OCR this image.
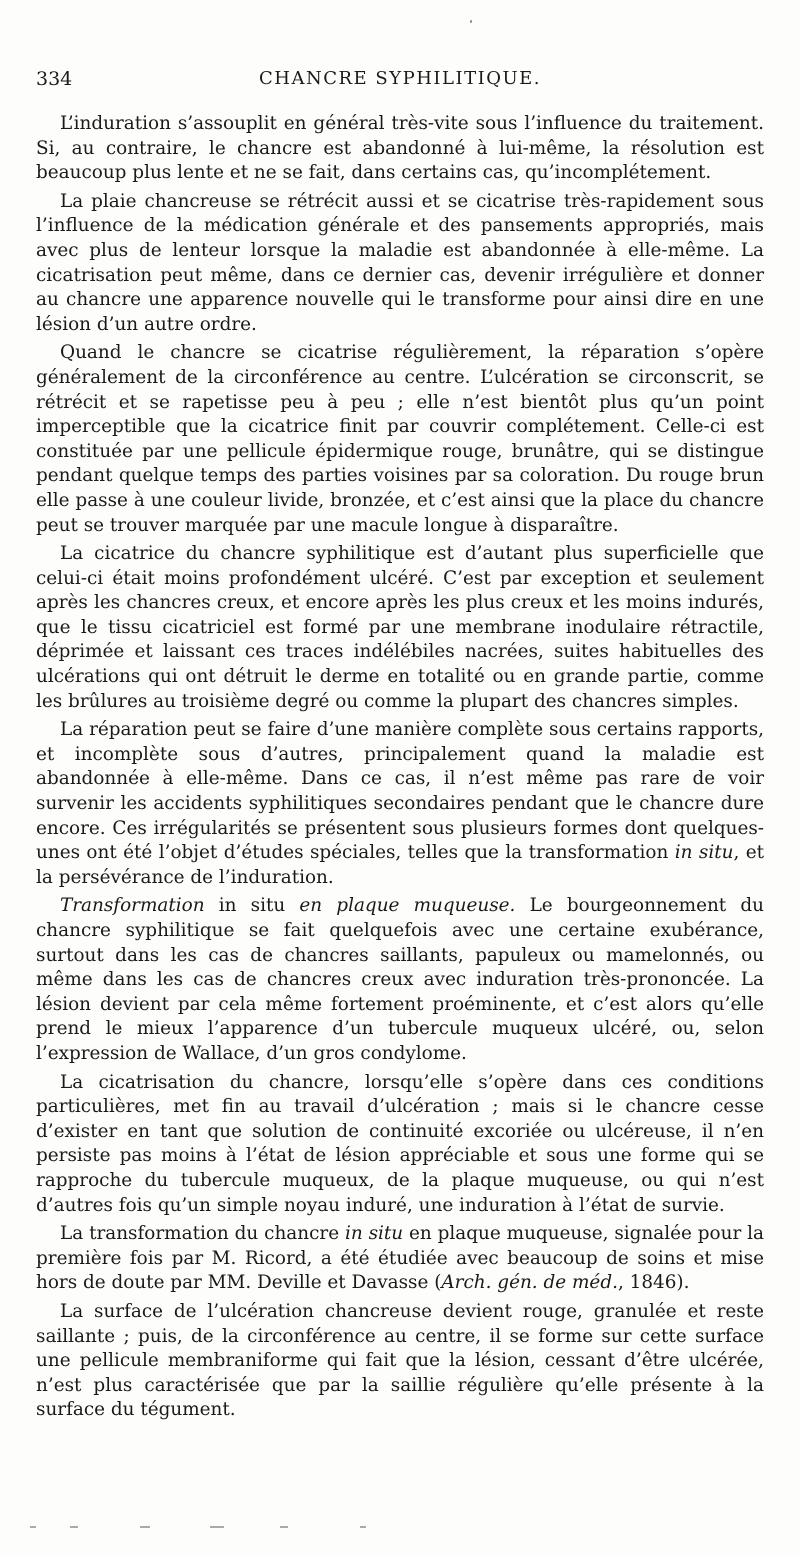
334	CHANCRE SYPHILITIQUE.

L’induration s’assouplit en général très-vite sous l’influence du traitement. Si, au contraire, le chancre est abandonné à lui-même, la résolution est beaucoup plus lente et ne se fait, dans certains cas, qu’incomplétement.

La plaie chancreuse se rétrécit aussi et se cicatrise très-rapidement sous l’influence de la médication générale et des pansements appropriés, mais avec plus de lenteur lorsque la maladie est abandonnée à elle-même. La cicatrisation peut même, dans ce dernier cas, devenir irrégulière et donner au chancre une apparence nouvelle qui le transforme pour ainsi dire en une lésion d’un autre ordre.

Quand le chancre se cicatrise régulièrement, la réparation s’opère généralement de la circonférence au centre. L’ulcération se circonscrit, se rétrécit et se rapetisse peu à peu ; elle n’est bientôt plus qu’un point imperceptible que la cicatrice finit par couvrir complétement. Celle-ci est constituée par une pellicule épidermique rouge, brunâtre, qui se distingue pendant quelque temps des parties voisines par sa coloration. Du rouge brun elle passe à une couleur livide, bronzée, et c’est ainsi que la place du chancre peut se trouver marquée par une macule longue à disparaître.

La cicatrice du chancre syphilitique est d’autant plus superficielle que celui-ci était moins profondément ulcéré. C’est par exception et seulement après les chancres creux, et encore après les plus creux et les moins indurés, que le tissu cicatriciel est formé par une membrane inodulaire rétractile, déprimée et laissant ces traces indélébiles nacrées, suites habituelles des ulcérations qui ont détruit le derme en totalité ou en grande partie, comme les brûlures au troisième degré ou comme la plupart des chancres simples.

La réparation peut se faire d’une manière complète sous certains rapports, et incomplète sous d’autres, principalement quand la maladie est abandonnée à elle-même. Dans ce cas, il n’est même pas rare de voir survenir les accidents syphilitiques secondaires pendant que le chancre dure encore. Ces irrégularités se présentent sous plusieurs formes dont quelques-unes ont été l’objet d’études spéciales, telles que la transformation in situ, et la persévérance de l’induration.

Transformation in situ en plaque muqueuse. Le bourgeonnement du chancre syphilitique se fait quelquefois avec une certaine exubérance, surtout dans les cas de chancres saillants, papuleux ou mamelonnés, ou même dans les cas de chancres creux avec induration très-prononcée. La lésion devient par cela même fortement proéminente, et c’est alors qu’elle prend le mieux l’apparence d’un tubercule muqueux ulcéré, ou, selon l’expression de Wallace, d’un gros condylome.

La cicatrisation du chancre, lorsqu’elle s’opère dans ces conditions particulières, met fin au travail d’ulcération ; mais si le chancre cesse d’exister en tant que solution de continuité excoriée ou ulcéreuse, il n’en persiste pas moins à l’état de lésion appréciable et sous une forme qui se rapproche du tubercule muqueux, de la plaque muqueuse, ou qui n’est d’autres fois qu’un simple noyau induré, une induration à l’état de survie.

La transformation du chancre in situ en plaque muqueuse, signalée pour la première fois par M. Ricord, a été étudiée avec beaucoup de soins et mise hors de doute par MM. Deville et Davasse (Arch. gén. de méd., 1846).

La surface de l’ulcération chancreuse devient rouge, granulée et reste saillante ; puis, de la circonférence au centre, il se forme sur cette surface une pellicule membraniforme qui fait que la lésion, cessant d’être ulcérée, n’est plus caractérisée que par la saillie régulière qu’elle présente à la surface du tégument.
